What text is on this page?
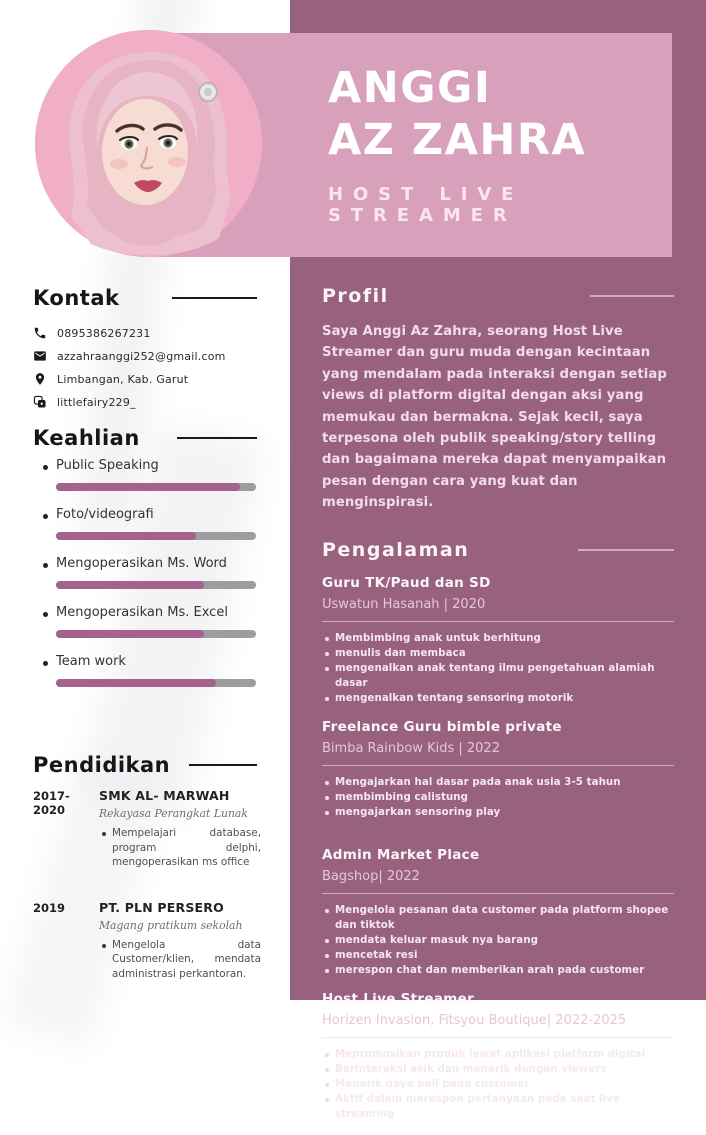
ANGGI
AZ ZAHRA
HOST LIVE STREAMER
Kontak
0895386267231
azzahraanggi252@gmail.com
Limbangan, Kab. Garut
littlefairy229_
Keahlian
Public Speaking
Foto/videografi
Mengoperasikan Ms. Word
Mengoperasikan Ms. Excel
Team work
Pendidikan
2017-2020
SMK AL- MARWAH
Rekayasa Perangkat Lunak
Mempelajari database, program delphi, mengoperasikan ms office
2019	PT. PLN PERSERO
Magang pratikum sekolah
Mengelola data Customer/klien, mendata administrasi perkantoran.
Profil

Saya Anggi Az Zahra, seorang Host Live Streamer dan guru muda dengan kecintaan yang mendalam pada interaksi dengan setiap views di platform digital dengan aksi yang memukau dan bermakna. Sejak kecil, saya terpesona oleh publik speaking/story telling dan bagaimana mereka dapat menyampaikan pesan dengan cara yang kuat dan menginspirasi.

Pengalaman
Guru TK/Paud dan SD
Uswatun Hasanah | 2020
Membimbing anak untuk berhitung
menulis dan membaca
mengenalkan anak tentang ilmu pengetahuan alamiah dasar
mengenalkan tentang sensoring motorik
Freelance Guru bimble private
Bimba Rainbow Kids | 2022
Mengajarkan hal dasar pada anak usia 3-5 tahun
membimbing calistung
mengajarkan sensoring play
Admin Market Place
Bagshop| 2022
Mengelola pesanan data customer pada platform shopee dan tiktok
mendata keluar masuk nya barang
mencetak resi
merespon chat dan memberikan arah pada customer
Host Live Streamer
Horizen Invasion, Fitsyou Boutique| 2022-2025
Mepromosikan produk lewat aplikasi platform digital
Berinteraksi asik dan menarik dengan viewers
Menarik daya beli pada customer
Aktif dalam merespon pertanyaan pada saat live streaming
